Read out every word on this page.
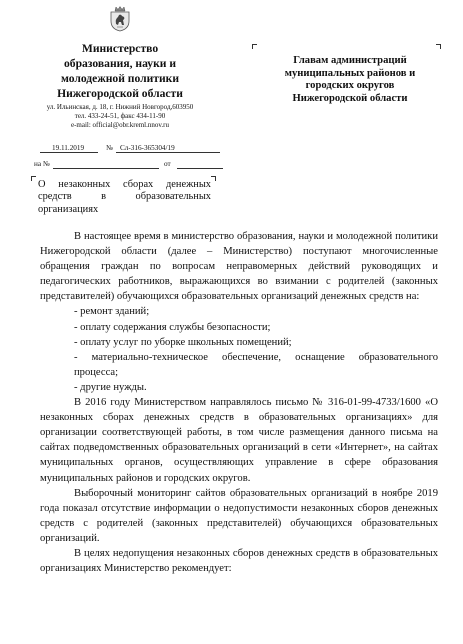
Министерство
образования, науки и
молодежной политики
Нижегородской области
ул. Ильинская, д. 18, г. Нижний Новгород,603950
тел. 433-24-51, факс 434-11-90
e-mail: official@obr.kreml.nnov.ru
19.11.2019	№ Сл-316-365304/19
на №	от
Главам администраций
муниципальных районов и
городских округов
Нижегородской области

О незаконных сборах денежных

средств в образовательных

организациях

В настоящее время в министерство образования, науки и молодежной политики Нижегородской области (далее – Министерство) поступают многочисленные обращения граждан по вопросам неправомерных действий руководящих и педагогических работников, выражающихся во взимании с родителей (законных представителей) обучающихся образовательных организаций денежных средств на:
- ремонт зданий;
- оплату содержания службы безопасности;
- оплату услуг по уборке школьных помещений;
- материально-техническое обеспечение, оснащение образовательного
процесса;
- другие нужды.
В 2016 году Министерством направлялось письмо № 316-01-99-4733/1600 «О незаконных сборах денежных средств в образовательных организациях» для организации соответствующей работы, в том числе размещения данного письма на сайтах подведомственных образовательных организаций в сети «Интернет», на сайтах муниципальных органов, осуществляющих управление в сфере образования муниципальных районов и городских округов.
Выборочный мониторинг сайтов образовательных организаций в ноябре 2019 года показал отсутствие информации о недопустимости незаконных сборов денежных средств с родителей (законных представителей) обучающихся образовательных организаций.
В целях недопущения незаконных сборов денежных средств в образовательных организациях Министерство рекомендует:
